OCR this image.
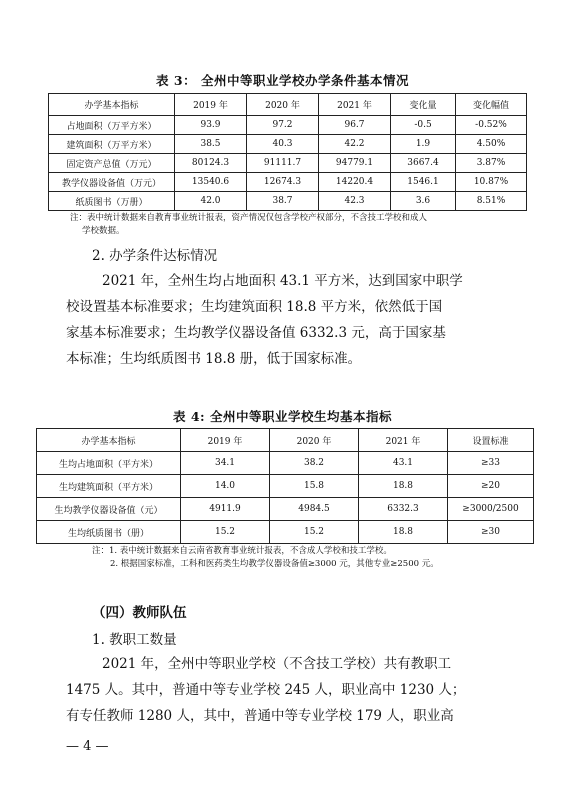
表 3： 全州中等职业学校办学条件基本情况
办学基本指标	2019 年	2020 年	2021 年	变化量	变化幅值
占地面积（万平方米）	93.9	97.2	96.7	-0.5	-0.52%
建筑面积（万平方米）	38.5	40.3	42.2	1.9	4.50%
固定资产总值（万元）	80124.3	91111.7	94779.1	3667.4	3.87%
教学仪器设备值（万元）	13540.6	12674.3	14220.4	1546.1	10.87%
纸质图书（万册）	42.0	38.7	42.3	3.6	8.51%
注：表中统计数据来自教育事业统计报表，资产情况仅包含学校产权部分，不含技工学校和成人
学校数据。
2. 办学条件达标情况
2021 年，全州生均占地面积 43.1 平方米，达到国家中职学
校设置基本标准要求；生均建筑面积 18.8 平方米，依然低于国
家基本标准要求；生均教学仪器设备值 6332.3 元，高于国家基
本标准；生均纸质图书 18.8 册，低于国家标准。
表 4: 全州中等职业学校生均基本指标
办学基本指标	2019 年	2020 年	2021 年	设置标准
生均占地面积（平方米）	34.1	38.2	43.1	≥33
生均建筑面积（平方米）	14.0	15.8	18.8	≥20
生均教学仪器设备值（元）	4911.9	4984.5	6332.3	≥3000/2500
生均纸质图书（册）	15.2	15.2	18.8	≥30
注：1. 表中统计数据来自云南省教育事业统计报表，不含成人学校和技工学校。
2. 根据国家标准，工科和医药类生均教学仪器设备值≥3000 元，其他专业≥2500 元。
（四）教师队伍
1. 教职工数量
2021 年，全州中等职业学校（不含技工学校）共有教职工
1475 人。其中，普通中等专业学校 245 人，职业高中 1230 人；
有专任教师 1280 人，其中，普通中等专业学校 179 人，职业高
— 4 —
